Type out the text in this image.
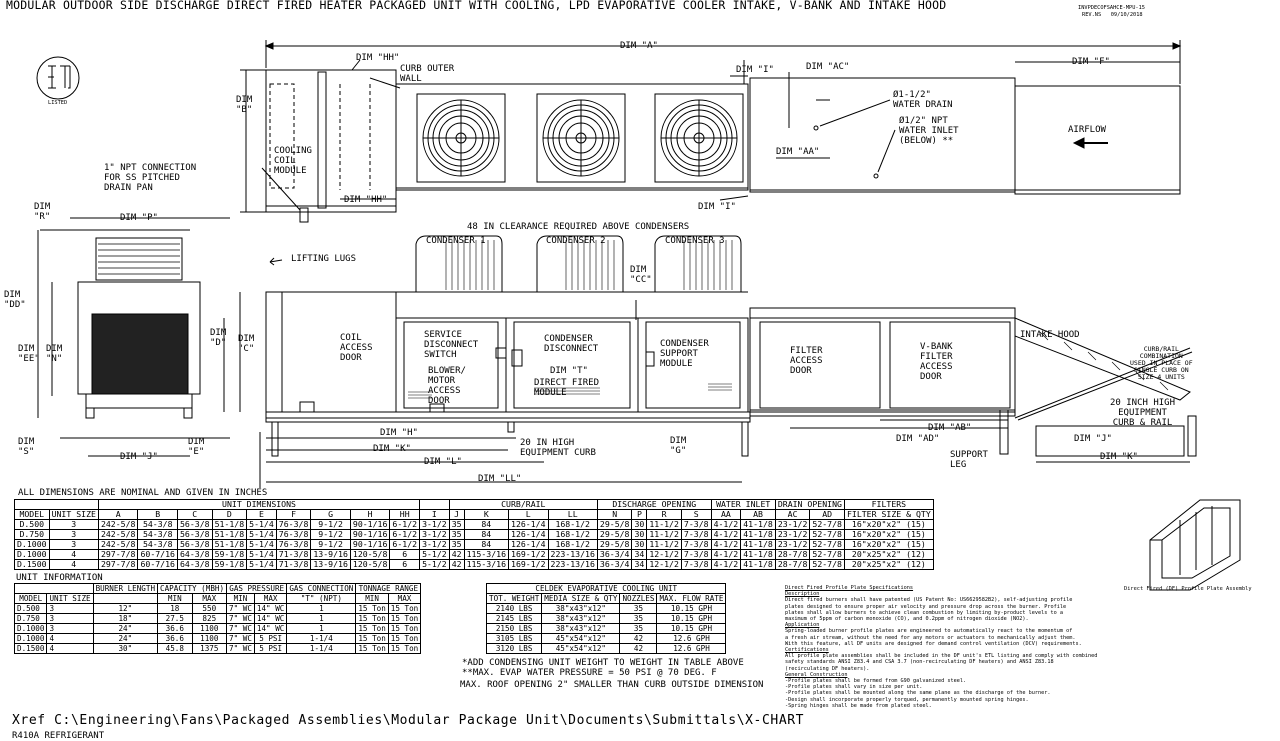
MODULAR OUTDOOR SIDE DISCHARGE DIRECT FIRED HEATER PACKAGED UNIT WITH COOLING, LPD EVAPORATIVE COOLER INTAKE, V-BANK AND INTAKE HOOD	INVPDECOFSAHCE-MPU-15
REV.NS   09/10/2018
LISTED
DIM "A"
DIM
"B"
DIM "HH"
CURB OUTER
WALL
COOLING
COIL
MODULE
1" NPT CONNECTION
FOR SS PITCHED
DRAIN PAN
DIM "HH"
DIM "I"	DIM "AC"
Ø1-1/2"
WATER DRAIN
Ø1/2" NPT
WATER INLET
(BELOW) **
DIM "AA"
DIM "I"
DIM "F"
AIRFLOW
48 IN CLEARANCE REQUIRED ABOVE CONDENSERS
CONDENSER 1	CONDENSER 2	CONDENSER 3
DIM
"CC"
LIFTING LUGS
DIM
"R"	DIM "P"
DIM
"DD"
DIM
"EE"
DIM
"N"
DIM
"D" DIM
"C"
DIM
"S"	DIM "J"
DIM
"E"
COIL
ACCESS
DOOR
SERVICE
DISCONNECT
SWITCH
BLOWER/
MOTOR
ACCESS
DOOR
CONDENSER
DISCONNECT
DIM "T"
DIRECT FIRED
MODULE
CONDENSER
SUPPORT
MODULE
FILTER
ACCESS
DOOR
V-BANK
FILTER
ACCESS
DOOR
INTAKE HOOD
CURB/RAIL
COMBINATION
USED IN PLACE OF
SINGLE CURB ON
SIZE 4 UNITS
DIM "H"
DIM "K"
DIM "L"
DIM "LL"
20 IN HIGH
EQUIPMENT CURB
DIM
"G"
DIM "AD"
DIM "AB"
SUPPORT
LEG
20 INCH HIGH
EQUIPMENT
CURB & RAIL
DIM "J"
DIM "K"
ALL DIMENSIONS ARE NOMINAL AND GIVEN IN INCHES
		UNIT DIMENSIONS										CURB/RAIL				DISCHARGE OPENING				WATER INLET		DRAIN OPENING		FILTERS
MODEL	UNIT SIZE	A	B	C	D	E	F	G	H	HH	I	J	K	L	LL	N	P	R	S	AA	AB	AC	AD	FILTER SIZE & QTY
D.500	3	242-5/8	54-3/8	56-3/8	51-1/8	5-1/4	76-3/8	9-1/2	90-1/16	6-1/2	3-1/2	35	84	126-1/4	168-1/2	29-5/8	30	11-1/2	7-3/8	4-1/2	41-1/8	23-1/2	52-7/8	16"x20"x2" (15)
D.750	3	242-5/8	54-3/8	56-3/8	51-1/8	5-1/4	76-3/8	9-1/2	90-1/16	6-1/2	3-1/2	35	84	126-1/4	168-1/2	29-5/8	30	11-1/2	7-3/8	4-1/2	41-1/8	23-1/2	52-7/8	16"x20"x2" (15)
D.1000	3	242-5/8	54-3/8	56-3/8	51-1/8	5-1/4	76-3/8	9-1/2	90-1/16	6-1/2	3-1/2	35	84	126-1/4	168-1/2	29-5/8	30	11-1/2	7-3/8	4-1/2	41-1/8	23-1/2	52-7/8	16"x20"x2" (15)
D.1000	4	297-7/8	60-7/16	64-3/8	59-1/8	5-1/4	71-3/8	13-9/16	120-5/8	6	5-1/2	42	115-3/16	169-1/2	223-13/16	36-3/4	34	12-1/2	7-3/8	4-1/2	41-1/8	28-7/8	52-7/8	20"x25"x2" (12)
D.1500	4	297-7/8	60-7/16	64-3/8	59-1/8	5-1/4	71-3/8	13-9/16	120-5/8	6	5-1/2	42	115-3/16	169-1/2	223-13/16	36-3/4	34	12-1/2	7-3/8	4-1/2	41-1/8	28-7/8	52-7/8	20"x25"x2" (12)
UNIT INFORMATION
		BURNER LENGTH	CAPACITY (MBH)		GAS PRESSURE		GAS CONNECTION	TONNAGE RANGE	
MODEL	UNIT SIZE		MIN	MAX	MIN	MAX	"T" (NPT)	MIN	MAX
D.500	3	12"	18	550	7" WC	14" WC	1	15 Ton	15 Ton
D.750	3	18"	27.5	825	7" WC	14" WC	1	15 Ton	15 Ton
D.1000	3	24"	36.6	1100	7" WC	14" WC	1	15 Ton	15 Ton
D.1000	4	24"	36.6	1100	7" WC	5 PSI	1-1/4	15 Ton	15 Ton
D.1500	4	30"	45.8	1375	7" WC	5 PSI	1-1/4	15 Ton	15 Ton
CELDEK EVAPORATIVE COOLING UNIT			
TOT. WEIGHT	MEDIA SIZE & QTY	NOZZLES	MAX. FLOW RATE
2140 LBS	38"x43"x12"	35	10.15 GPH
2145 LBS	38"x43"x12"	35	10.15 GPH
2150 LBS	38"x43"x12"	35	10.15 GPH
3105 LBS	45"x54"x12"	42	12.6 GPH
3120 LBS	45"x54"x12"	42	12.6 GPH
*ADD CONDENSING UNIT WEIGHT TO WEIGHT IN TABLE ABOVE
**MAX. EVAP WATER PRESSURE = 50 PSI @ 70 DEG. F
MAX. ROOF OPENING 2" SMALLER THAN CURB OUTSIDE DIMENSION
Direct Fired Profile Plate Specifications
Description
Direct fired burners shall have patented (US Patent No: US6629582B2), self-adjusting profile
plates designed to ensure proper air velocity and pressure drop across the burner. Profile
plates shall allow burners to achieve clean combustion by limiting by-product levels to a
maximum of 5ppm of carbon monoxide (CO), and 0.2ppm of nitrogen dioxide (NO2).
Application
Spring-loaded burner profile plates are engineered to automatically react to the momentum of
a fresh air stream, without the need for any motors or actuators to mechanically adjust them.
With this feature, all DF units are designed for demand control ventilation (DCV) requirements.
Certifications
All profile plate assemblies shall be included in the DF unit's ETL listing and comply with combined
safety standards ANSI Z83.4 and CSA 3.7 (non-recirculating DF heaters) and ANSI Z83.18
(recirculating DF heaters).
General Construction
-Profile plates shall be formed from G90 galvanized steel.
-Profile plates shall vary in size per unit.
-Profile plates shall be mounted along the same plane as the discharge of the burner.
-Design shall incorporate properly torqued, permanently mounted spring hinges.
-Spring hinges shall be made from plated steel.
Direct Fired (DF) Profile Plate Assembly
Xref C:\Engineering\Fans\Packaged Assemblies\Modular Package Unit\Documents\Submittals\X-CHART
R410A REFRIGERANT
